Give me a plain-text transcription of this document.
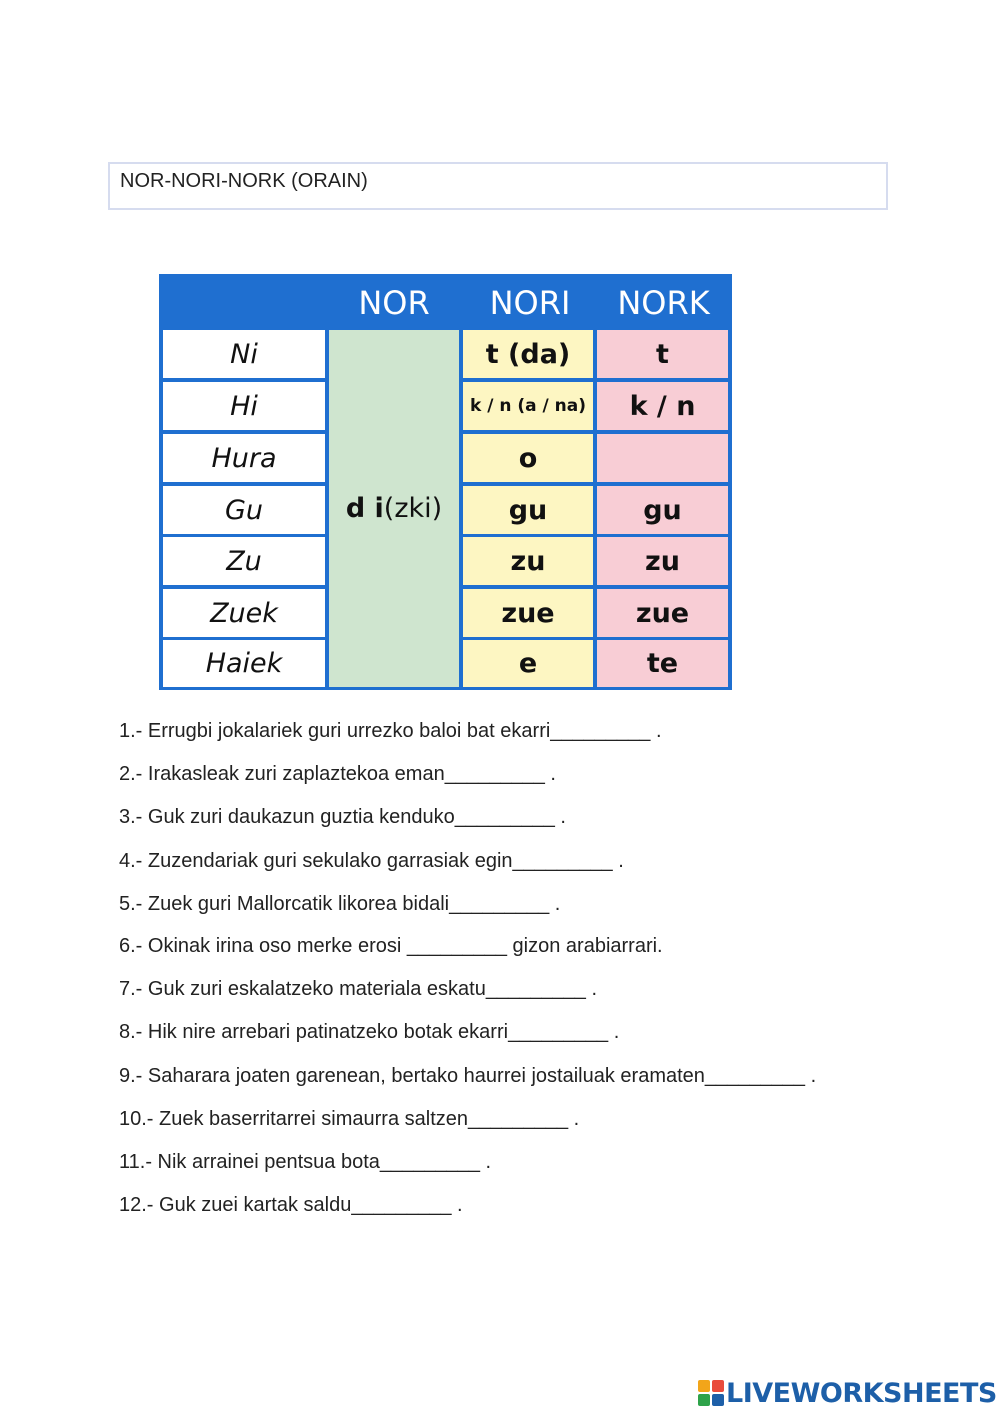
NOR-NORI-NORK (ORAIN)
NOR	NORI	NORK
Ni
Hi
Hura
Gu
Zu
Zuek
Haiek
d i (zki)
t (da)
k / n (a / na)
o
gu
zu
zue
e
t
k / n
gu
zu
zue
te
1.- Errugbi jokalariek guri urrezko baloi bat ekarri_________ .
2.- Irakasleak zuri zaplaztekoa eman_________ .
3.- Guk zuri daukazun guztia kenduko_________ .
4.- Zuzendariak guri sekulako garrasiak egin_________ .
5.- Zuek guri Mallorcatik likorea bidali_________ .
6.- Okinak irina oso merke erosi _________ gizon arabiarrari.
7.- Guk zuri eskalatzeko materiala eskatu_________ .
8.- Hik nire arrebari patinatzeko botak ekarri_________ .
9.- Saharara joaten garenean, bertako haurrei jostailuak eramaten_________ .
10.- Zuek baserritarrei simaurra saltzen_________ .
11.- Nik arrainei pentsua bota_________ .
12.- Guk zuei kartak saldu_________ .
LIVEWORKSHEETS
